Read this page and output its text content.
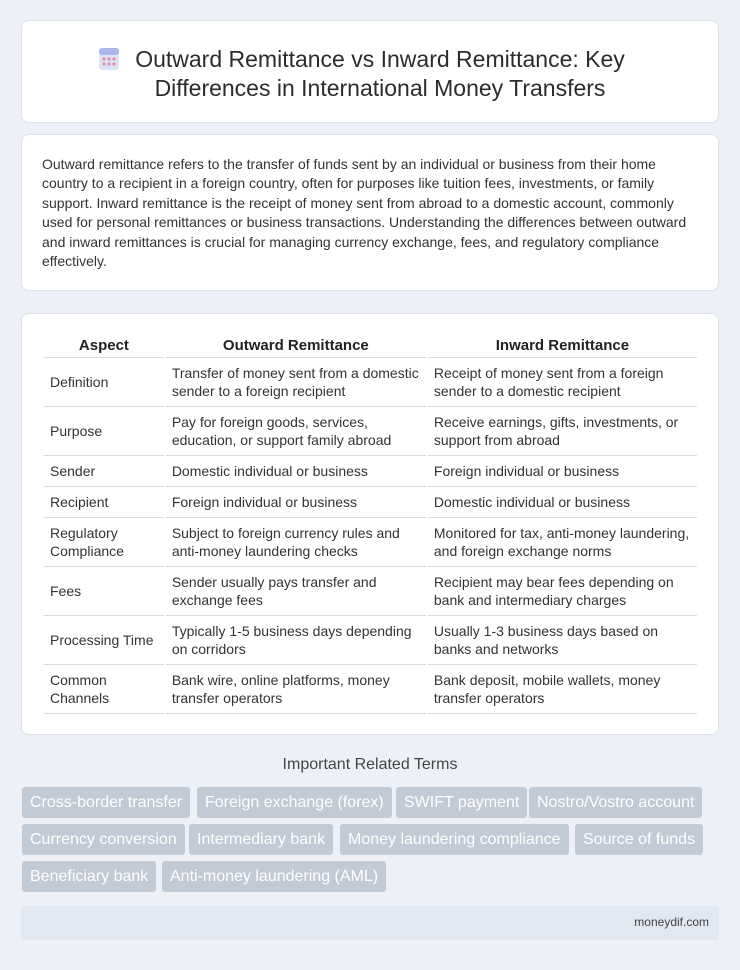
Outward Remittance vs Inward Remittance: Key Differences in International Money Transfers

Outward remittance refers to the transfer of funds sent by an individual or business from their home country to a recipient in a foreign country, often for purposes like tuition fees, investments, or family support. Inward remittance is the receipt of money sent from abroad to a domestic account, commonly used for personal remittances or business transactions. Understanding the differences between outward and inward remittances is crucial for managing currency exchange, fees, and regulatory compliance effectively.

Aspect	Outward Remittance	Inward Remittance
Definition	Transfer of money sent from a domestic sender to a foreign recipient	Receipt of money sent from a foreign sender to a domestic recipient
Purpose	Pay for foreign goods, services, education, or support family abroad	Receive earnings, gifts, investments, or support from abroad
Sender	Domestic individual or business	Foreign individual or business
Recipient	Foreign individual or business	Domestic individual or business
Regulatory Compliance	Subject to foreign currency rules and anti-money laundering checks	Monitored for tax, anti-money laundering, and foreign exchange norms
Fees	Sender usually pays transfer and exchange fees	Recipient may bear fees depending on bank and intermediary charges
Processing Time	Typically 1-5 business days depending on corridors	Usually 1-3 business days based on banks and networks
Common Channels	Bank wire, online platforms, money transfer operators	Bank deposit, mobile wallets, money transfer operators
Important Related Terms
Cross-border transfer	Foreign exchange (forex)	SWIFT payment	Nostro/Vostro account
Currency conversion	Intermediary bank	Money laundering compliance	Source of funds
Beneficiary bank	Anti-money laundering (AML)
moneydif.com
